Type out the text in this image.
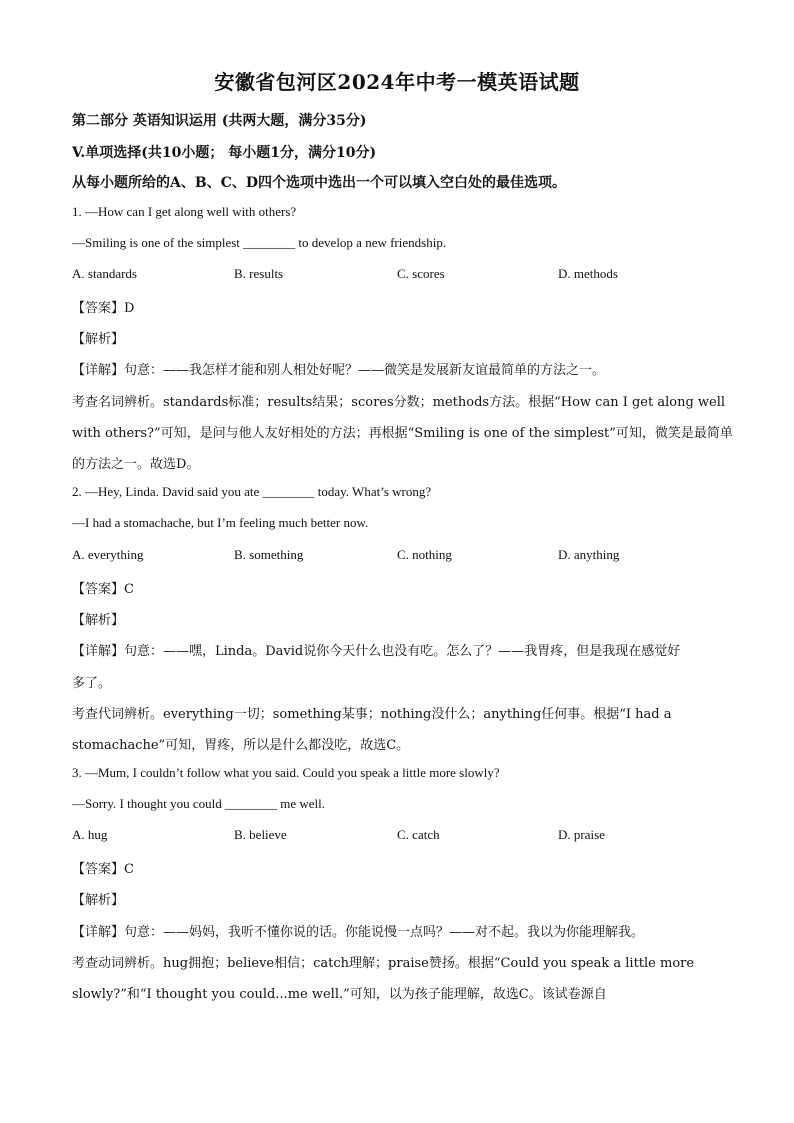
安徽省包河区2024年中考一模英语试题
第二部分 英语知识运用 (共两大题，满分35分)
V.单项选择(共10小题； 每小题1分，满分10分)
从每小题所给的A、B、C、D四个选项中选出一个可以填入空白处的最佳选项。
1. —How can I get along well with others?
—Smiling is one of the simplest ________ to develop a new friendship.
A. standards	B. results	C. scores	D. methods
【答案】D
【解析】
【详解】句意：——我怎样才能和别人相处好呢？——微笑是发展新友谊最简单的方法之一。
考查名词辨析。standards标准；results结果；scores分数；methods方法。根据“How can I get along well
with others?”可知，是问与他人友好相处的方法；再根据“Smiling is one of the simplest”可知，微笑是最简单
的方法之一。故选D。
2. —Hey, Linda. David said you ate ________ today. What’s wrong?
—I had a stomachache, but I’m feeling much better now.
A. everything	B. something	C. nothing	D. anything
【答案】C
【解析】
【详解】句意：——嘿，Linda。David说你今天什么也没有吃。怎么了？——我胃疼，但是我现在感觉好
多了。
考查代词辨析。everything一切；something某事；nothing没什么；anything任何事。根据“I had a
stomachache”可知，胃疼，所以是什么都没吃，故选C。
3. —Mum, I couldn’t follow what you said. Could you speak a little more slowly?
—Sorry. I thought you could ________ me well.
A. hug	B. believe	C. catch	D. praise
【答案】C
【解析】
【详解】句意：——妈妈，我听不懂你说的话。你能说慢一点吗？——对不起。我以为你能理解我。
考查动词辨析。hug拥抱；believe相信；catch理解；praise赞扬。根据“Could you speak a little more
slowly?”和“I thought you could...me well.”可知，以为孩子能理解，故选C。该试卷源自
